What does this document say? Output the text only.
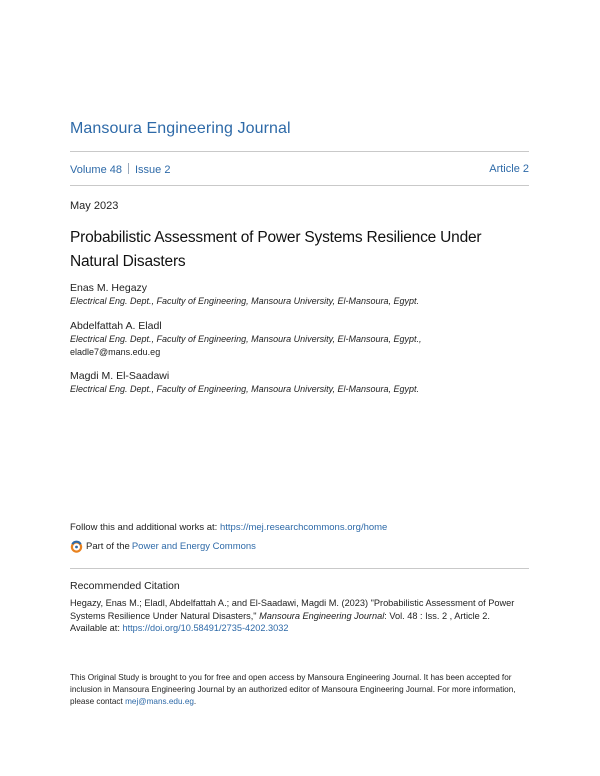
Mansoura Engineering Journal
Volume 48 Issue 2	Article 2
May 2023
Probabilistic Assessment of Power Systems Resilience Under Natural Disasters
Enas M. Hegazy
Electrical Eng. Dept., Faculty of Engineering, Mansoura University, El-Mansoura, Egypt.
Abdelfattah A. Eladl
Electrical Eng. Dept., Faculty of Engineering, Mansoura University, El-Mansoura, Egypt.,
eladle7@mans.edu.eg
Magdi M. El-Saadawi
Electrical Eng. Dept., Faculty of Engineering, Mansoura University, El-Mansoura, Egypt.
Follow this and additional works at: https://mej.researchcommons.org/home
Part of the Power and Energy Commons
Recommended Citation
Hegazy, Enas M.; Eladl, Abdelfattah A.; and El-Saadawi, Magdi M. (2023) "Probabilistic Assessment of Power Systems Resilience Under Natural Disasters," Mansoura Engineering Journal: Vol. 48 : Iss. 2 , Article 2.
Available at: https://doi.org/10.58491/2735-4202.3032
This Original Study is brought to you for free and open access by Mansoura Engineering Journal. It has been accepted for inclusion in Mansoura Engineering Journal by an authorized editor of Mansoura Engineering Journal. For more information, please contact mej@mans.edu.eg.
